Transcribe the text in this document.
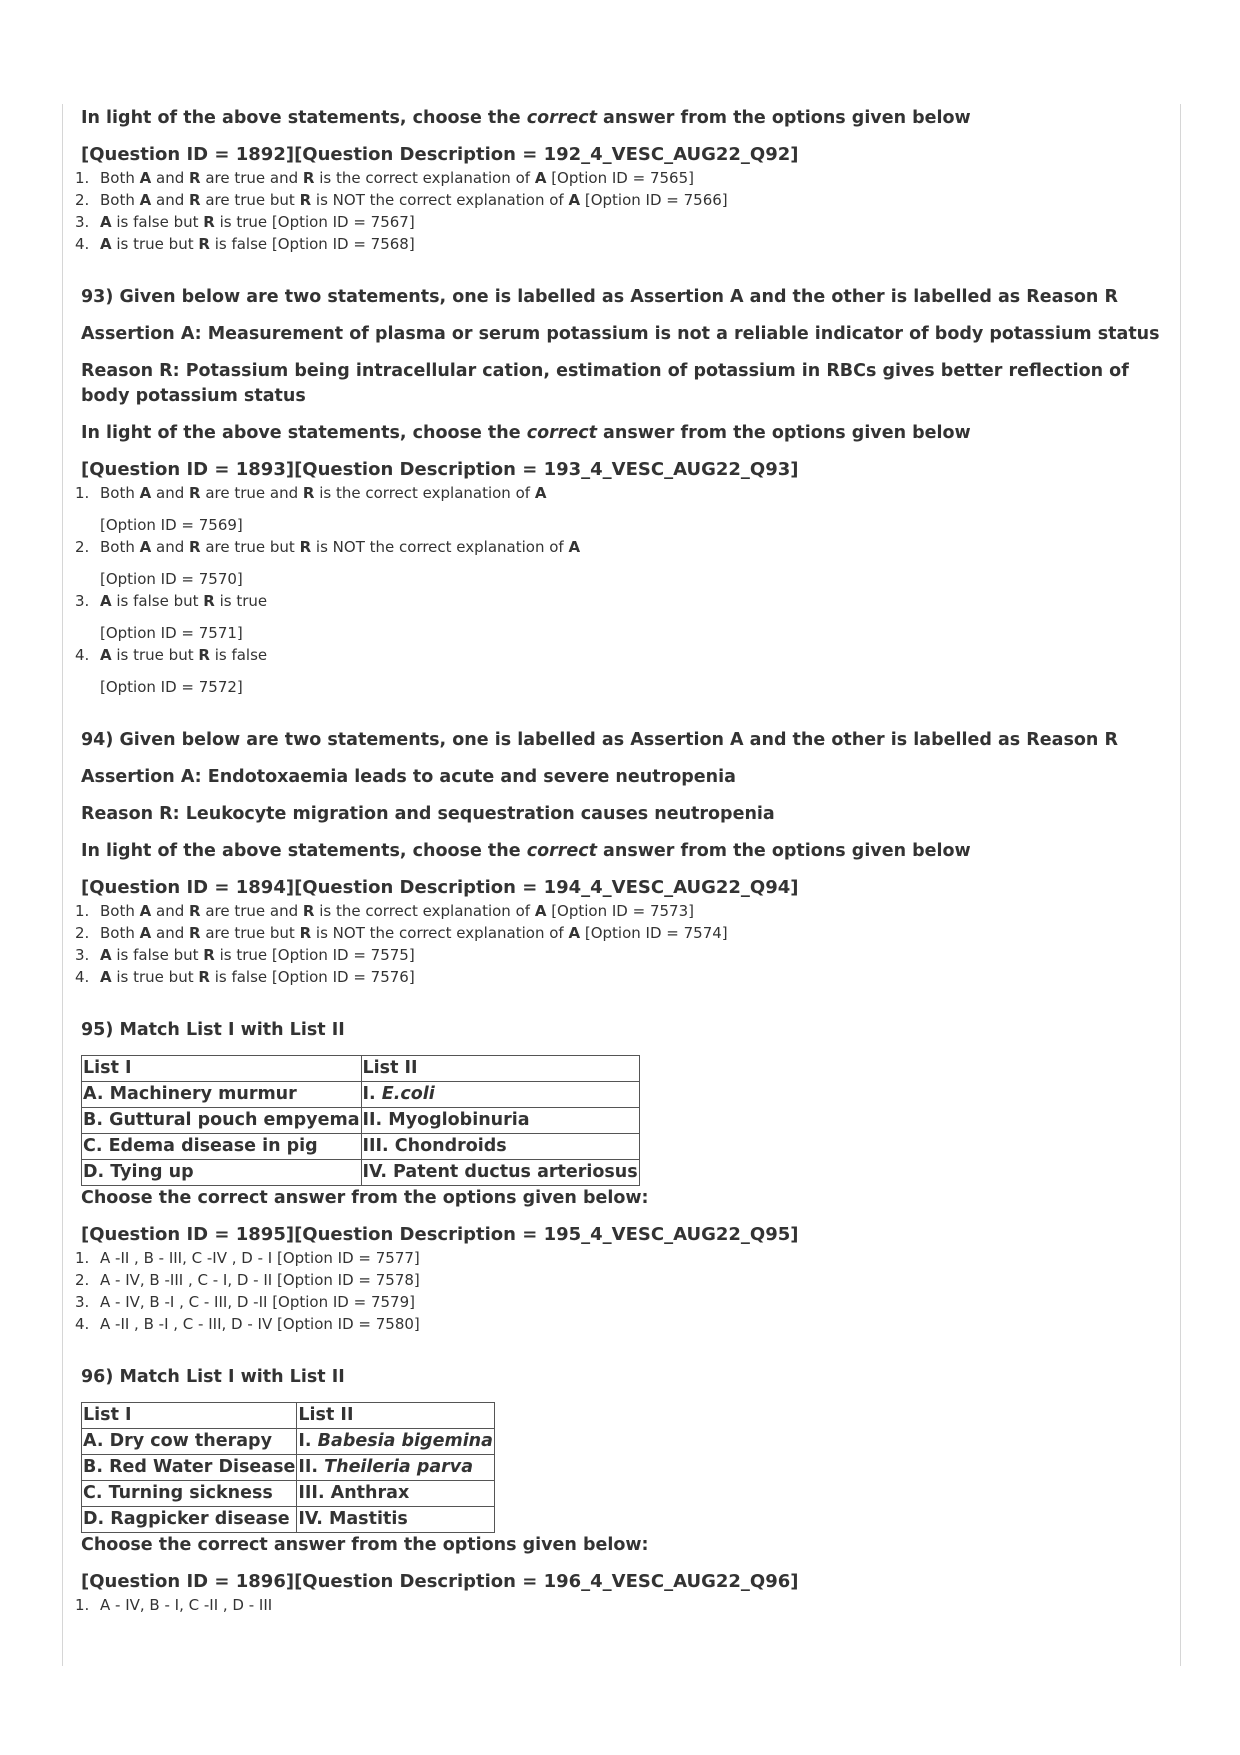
In light of the above statements, choose the correct answer from the options given below

[Question ID = 1892][Question Description = 192_4_VESC_AUG22_Q92]

1. Both A and R are true and R is the correct explanation of A [Option ID = 7565]
2. Both A and R are true but R is NOT the correct explanation of A [Option ID = 7566]
3. A is false but R is true [Option ID = 7567]
4. A is true but R is false [Option ID = 7568]

93) Given below are two statements, one is labelled as Assertion A and the other is labelled as Reason R

Assertion A: Measurement of plasma or serum potassium is not a reliable indicator of body potassium status

Reason R: Potassium being intracellular cation, estimation of potassium in RBCs gives better reflection of body potassium status

In light of the above statements, choose the correct answer from the options given below

[Question ID = 1893][Question Description = 193_4_VESC_AUG22_Q93]

1. Both A and R are true and R is the correct explanation of A
[Option ID = 7569]
2. Both A and R are true but R is NOT the correct explanation of A
[Option ID = 7570]
3. A is false but R is true
[Option ID = 7571]
4. A is true but R is false
[Option ID = 7572]

94) Given below are two statements, one is labelled as Assertion A and the other is labelled as Reason R

Assertion A: Endotoxaemia leads to acute and severe neutropenia

Reason R: Leukocyte migration and sequestration causes neutropenia

In light of the above statements, choose the correct answer from the options given below

[Question ID = 1894][Question Description = 194_4_VESC_AUG22_Q94]

1. Both A and R are true and R is the correct explanation of A [Option ID = 7573]
2. Both A and R are true but R is NOT the correct explanation of A [Option ID = 7574]
3. A is false but R is true [Option ID = 7575]
4. A is true but R is false [Option ID = 7576]

95) Match List I with List II

List I	List II
A. Machinery murmur	I. E.coli
B. Guttural pouch empyema	II. Myoglobinuria
C. Edema disease in pig	III. Chondroids
D. Tying up	IV. Patent ductus arteriosus

Choose the correct answer from the options given below:

[Question ID = 1895][Question Description = 195_4_VESC_AUG22_Q95]

1. A -II , B - III, C -IV , D - I [Option ID = 7577]
2. A - IV, B -III , C - I, D - II [Option ID = 7578]
3. A - IV, B -I , C - III, D -II [Option ID = 7579]
4. A -II , B -I , C - III, D - IV [Option ID = 7580]

96) Match List I with List II

List I	List II
A. Dry cow therapy	I. Babesia bigemina
B. Red Water Disease	II. Theileria parva
C. Turning sickness	III. Anthrax
D. Ragpicker disease	IV. Mastitis

Choose the correct answer from the options given below:

[Question ID = 1896][Question Description = 196_4_VESC_AUG22_Q96]

1. A - IV, B - I, C -II , D - III
